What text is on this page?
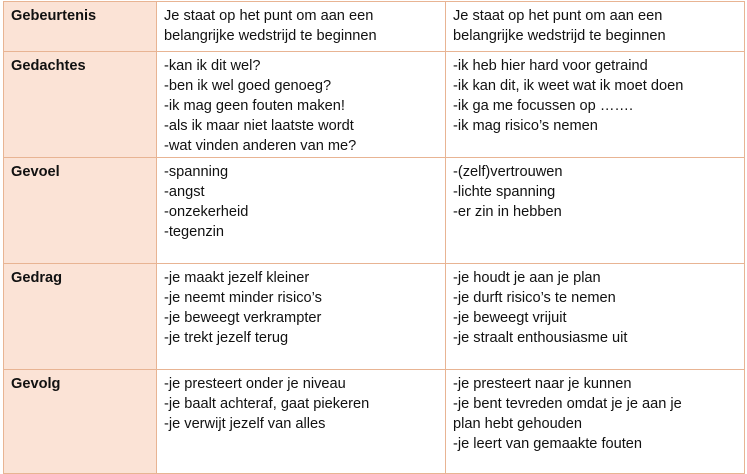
Gebeurtenis	Je staat op het punt om aan een
belangrijke wedstrijd te beginnen	Je staat op het punt om aan een
belangrijke wedstrijd te beginnen

Gedachtes	-kan ik dit wel?
-ben ik wel goed genoeg?
-ik mag geen fouten maken!
-als ik maar niet laatste wordt
-wat vinden anderen van me?	-ik heb hier hard voor getraind
-ik kan dit, ik weet wat ik moet doen
-ik ga me focussen op …….
-ik mag risico’s nemen

Gevoel	-spanning
-angst
-onzekerheid
-tegenzin	-(zelf)vertrouwen
-lichte spanning
-er zin in hebben

Gedrag	-je maakt jezelf kleiner
-je neemt minder risico’s
-je beweegt verkrampter
-je trekt jezelf terug	-je houdt je aan je plan
-je durft risico’s te nemen
-je beweegt vrijuit
-je straalt enthousiasme uit

Gevolg	-je presteert onder je niveau
-je baalt achteraf, gaat piekeren
-je verwijt jezelf van alles	-je presteert naar je kunnen
-je bent tevreden omdat je je aan je
plan hebt gehouden
-je leert van gemaakte fouten
